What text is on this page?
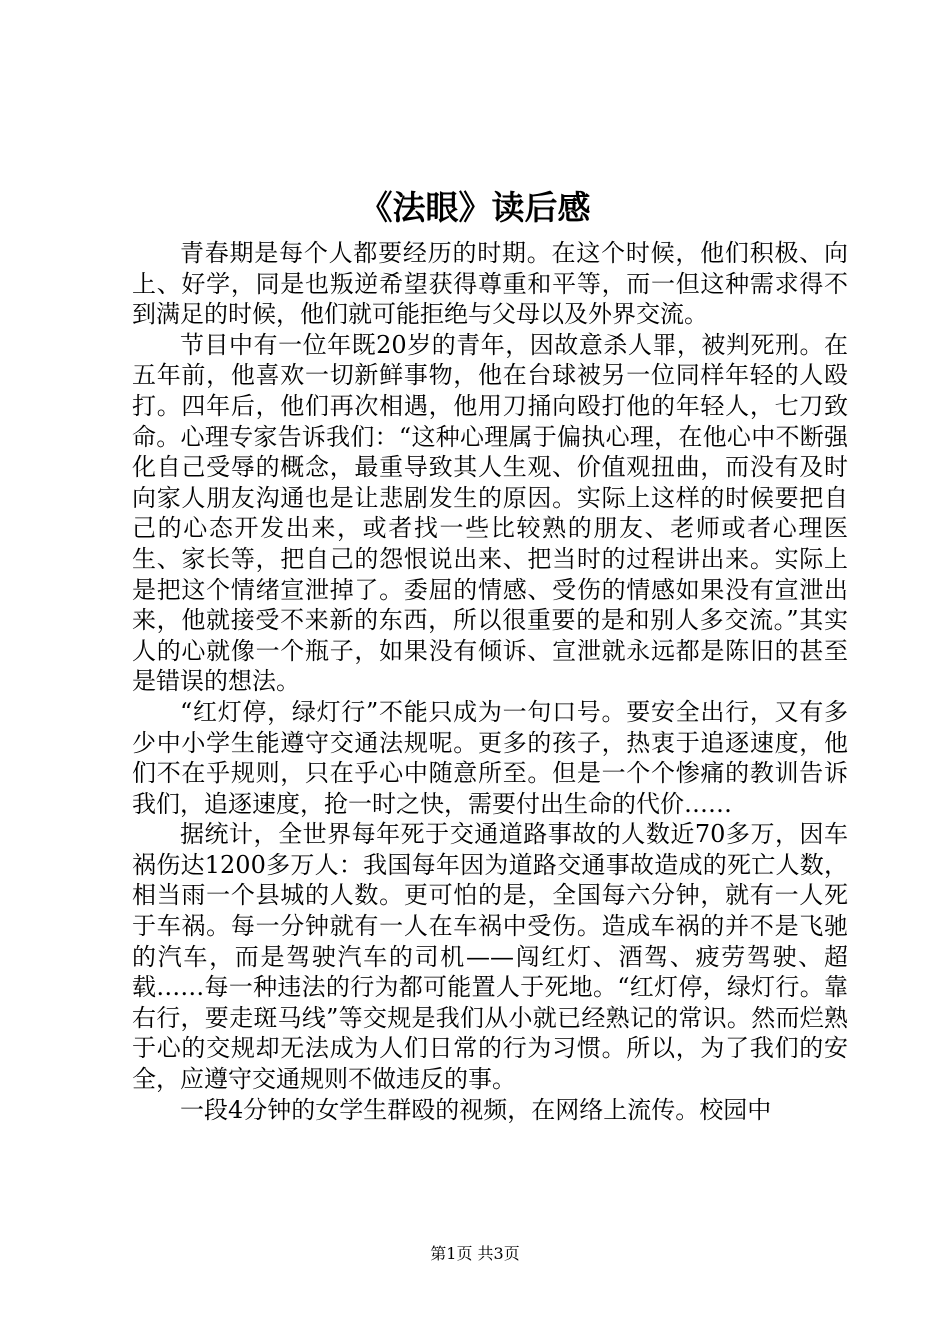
《法眼》读后感

青春期是每个人都要经历的时期。在这个时候，他们积极、向上、好学，同是也叛逆希望获得尊重和平等，而一但这种需求得不到满足的时候，他们就可能拒绝与父母以及外界交流。

节目中有一位年既20岁的青年，因故意杀人罪，被判死刑。在五年前，他喜欢一切新鲜事物，他在台球被另一位同样年轻的人殴打。四年后，他们再次相遇，他用刀捅向殴打他的年轻人，七刀致命。心理专家告诉我们：“这种心理属于偏执心理，在他心中不断强化自己受辱的概念，最重导致其人生观、价值观扭曲，而没有及时向家人朋友沟通也是让悲剧发生的原因。实际上这样的时候要把自己的心态开发出来，或者找一些比较熟的朋友、老师或者心理医生、家长等，把自己的怨恨说出来、把当时的过程讲出来。实际上是把这个情绪宣泄掉了。委屈的情感、受伤的情感如果没有宣泄出来，他就接受不来新的东西，所以很重要的是和别人多交流。”其实人的心就像一个瓶子，如果没有倾诉、宣泄就永远都是陈旧的甚至是错误的想法。

“红灯停，绿灯行”不能只成为一句口号。要安全出行，又有多少中小学生能遵守交通法规呢。更多的孩子，热衷于追逐速度，他们不在乎规则，只在乎心中随意所至。但是一个个惨痛的教训告诉我们，追逐速度，抢一时之快，需要付出生命的代价……

据统计，全世界每年死于交通道路事故的人数近70多万，因车祸伤达1200多万人：我国每年因为道路交通事故造成的死亡人数，相当雨一个县城的人数。更可怕的是，全国每六分钟，就有一人死于车祸。每一分钟就有一人在车祸中受伤。造成车祸的并不是飞驰的汽车，而是驾驶汽车的司机——闯红灯、酒驾、疲劳驾驶、超载……每一种违法的行为都可能置人于死地。“红灯停，绿灯行。靠右行，要走斑马线”等交规是我们从小就已经熟记的常识。然而烂熟于心的交规却无法成为人们日常的行为习惯。所以，为了我们的安全，应遵守交通规则不做违反的事。

一段4分钟的女学生群殴的视频，在网络上流传。校园中

第1页 共3页
